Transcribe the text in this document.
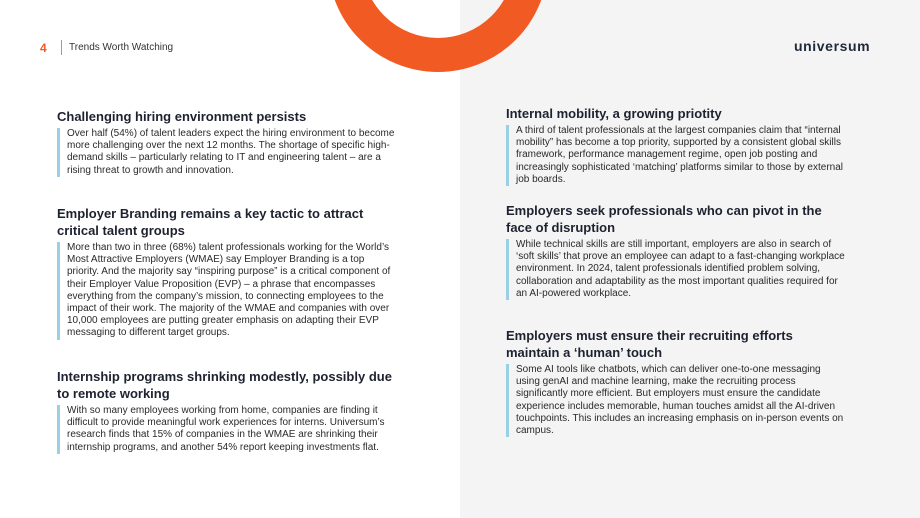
4 Trends Worth Watching	universum
Challenging hiring environment persists
Over half (54%) of talent leaders expect the hiring environment to become more challenging over the next 12 months. The shortage of specific high-demand skills – particularly relating to IT and engineering talent – are a rising threat to growth and innovation.
Employer Branding remains a key tactic to attract critical talent groups
More than two in three (68%) talent professionals working for the World’s Most Attractive Employers (WMAE) say Employer Branding is a top priority. And the majority say “inspiring purpose” is a critical component of their Employer Value Proposition (EVP) – a phrase that encompasses everything from the company’s mission, to connecting employees to the impact of their work. The majority of the WMAE and companies with over 10,000 employees are putting greater emphasis on adapting their EVP messaging to different target groups.
Internship programs shrinking modestly, possibly due to remote working
With so many employees working from home, companies are finding it difficult to provide meaningful work experiences for interns. Universum’s research finds that 15% of companies in the WMAE are shrinking their internship programs, and another 54% report keeping investments flat.
Internal mobility, a growing priotity
A third of talent professionals at the largest companies claim that “internal mobility” has become a top priority, supported by a consistent global skills framework, performance management regime, open job posting and increasingly sophisticated ‘matching’ platforms similar to those by external job boards.
Employers seek professionals who can pivot in the face of disruption
While technical skills are still important, employers are also in search of ‘soft skills’ that prove an employee can adapt to a fast-changing workplace environment. In 2024, talent professionals identified problem solving, collaboration and adaptability as the most important qualities required for an AI-powered workplace.
Employers must ensure their recruiting efforts maintain a ‘human’ touch
Some AI tools like chatbots, which can deliver one-to-one messaging using genAI and machine learning, make the recruiting process significantly more efficient. But employers must ensure the candidate experience includes memorable, human touches amidst all the AI-driven touchpoints. This includes an increasing emphasis on in-person events on campus.
